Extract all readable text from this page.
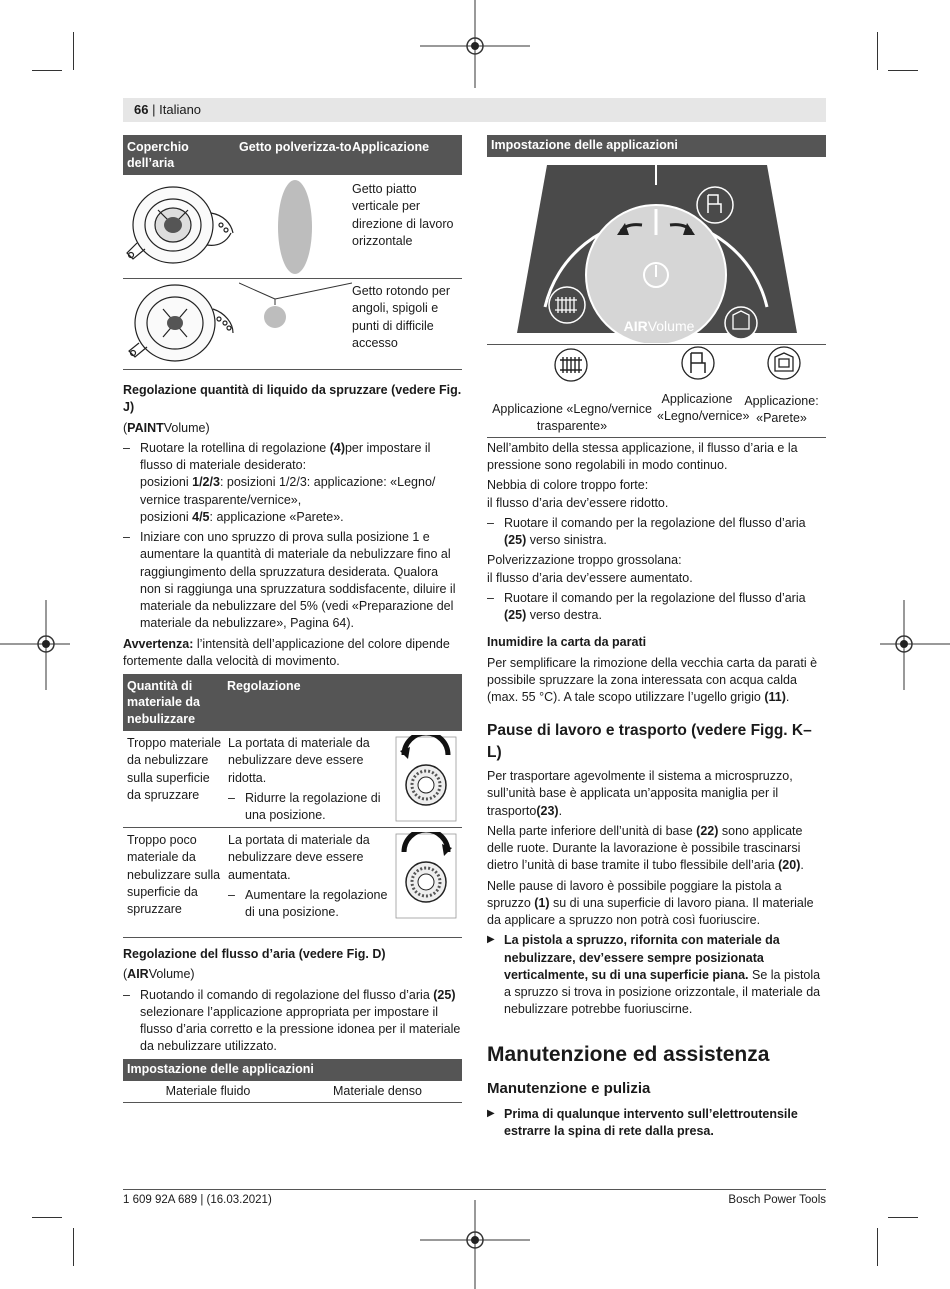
66 | Italiano
Coperchio dell’aria
Getto polverizza-to Applicazione
Getto piatto verticale per direzione di lavoro orizzontale
Getto rotondo per angoli, spigoli e punti di difficile accesso

Regolazione quantità di liquido da spruzzare (vedere Fig. J)

(PAINTVolume)

– Ruotare la rotellina di regolazione (4)per impostare il flusso di materiale desiderato:
posizioni 1/2/3: posizioni 1/2/3: applicazione: «Legno/ vernice trasparente/vernice»,
posizioni 4/5: applicazione «Parete».
– Iniziare con uno spruzzo di prova sulla posizione 1 e aumentare la quantità di materiale da nebulizzare fino al raggiungimento della spruzzatura desiderata. Qualora non si raggiunga una spruzzatura soddisfacente, diluire il materiale da nebulizzare del 5% (vedi «Preparazione del materiale da nebulizzare», Pagina 64).

Avvertenza: l’intensità dell’applicazione del colore dipende fortemente dalla velocità di movimento.

Quantità di materiale da nebulizzare
Regolazione
Troppo materiale da nebulizzare sulla superficie da spruzzare

La portata di materiale da nebulizzare deve essere ridotta.

– Ridurre la regolazione di una posizione.
Troppo poco materiale da nebulizzare sulla superficie da spruzzare

La portata di materiale da nebulizzare deve essere aumentata.

– Aumentare la regolazione di una posizione.

Regolazione del flusso d’aria (vedere Fig. D)

(AIRVolume)

– Ruotando il comando di regolazione del flusso d’aria (25) selezionare l’applicazione appropriata per impostare il flusso d’aria corretto e la pressione idonea per il materiale da nebulizzare utilizzato.
Impostazione delle applicazioni
Materiale fluido	Materiale denso
Impostazione delle applicazioni
AIRVolume
Applicazione «Legno/vernice trasparente»
Applicazione «Legno/vernice»
Applicazione: «Parete»

Nell’ambito della stessa applicazione, il flusso d’aria e la pressione sono regolabili in modo continuo.

Nebbia di colore troppo forte:
il flusso d’aria dev’essere ridotto.

– Ruotare il comando per la regolazione del flusso d’aria (25) verso sinistra.

Polverizzazione troppo grossolana:
il flusso d’aria dev’essere aumentato.

– Ruotare il comando per la regolazione del flusso d’aria (25) verso destra.

Inumidire la carta da parati

Per semplificare la rimozione della vecchia carta da parati è possibile spruzzare la zona interessata con acqua calda (max. 55 °C). A tale scopo utilizzare l’ugello grigio (11).

Pause di lavoro e trasporto (vedere Figg. K–L)

Per trasportare agevolmente il sistema a microspruzzo, sull’unità base è applicata un’apposita maniglia per il trasporto(23).

Nella parte inferiore dell’unità di base (22) sono applicate delle ruote. Durante la lavorazione è possibile trascinarsi dietro l’unità di base tramite il tubo flessibile dell’aria (20).

Nelle pause di lavoro è possibile poggiare la pistola a spruzzo (1) su di una superficie di lavoro piana. Il materiale da applicare a spruzzo non potrà così fuoriuscire.

▶ La pistola a spruzzo, rifornita con materiale da nebulizzare, dev’essere sempre posizionata verticalmente, su di una superficie piana. Se la pistola a spruzzo si trova in posizione orizzontale, il materiale da nebulizzare potrebbe fuoriuscirne.

Manutenzione ed assistenza

Manutenzione e pulizia

▶ Prima di qualunque intervento sull’elettroutensile estrarre la spina di rete dalla presa.
1 609 92A 689 | (16.03.2021)	Bosch Power Tools
